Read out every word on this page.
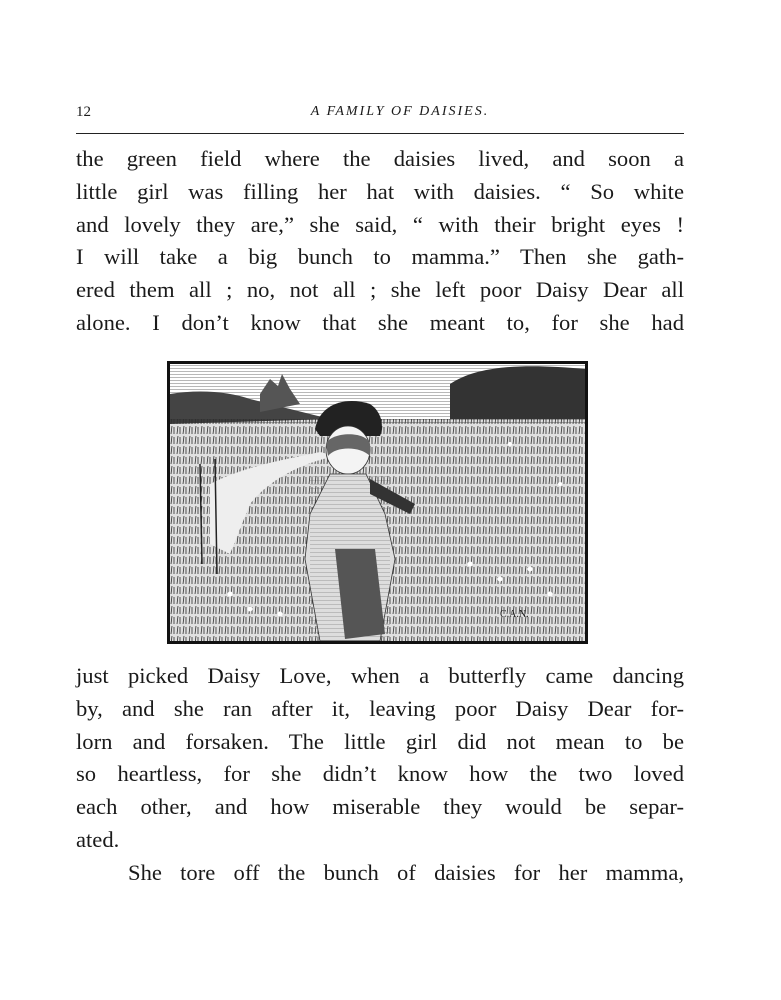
12	A FAMILY OF DAISIES.
the green field where the daisies lived, and soon a
little girl was filling her hat with daisies. “ So white
and lovely they are,” she said, “ with their bright eyes !
I will take a big bunch to mamma.” Then she gath-
ered them all ; no, not all ; she left poor Daisy Dear all
alone. I don’t know that she meant to, for she had
C.A.N.
just picked Daisy Love, when a butterfly came dancing
by, and she ran after it, leaving poor Daisy Dear for-
lorn and forsaken. The little girl did not mean to be
so heartless, for she didn’t know how the two loved
each other, and how miserable they would be separ-
ated.
She tore off the bunch of daisies for her mamma,
